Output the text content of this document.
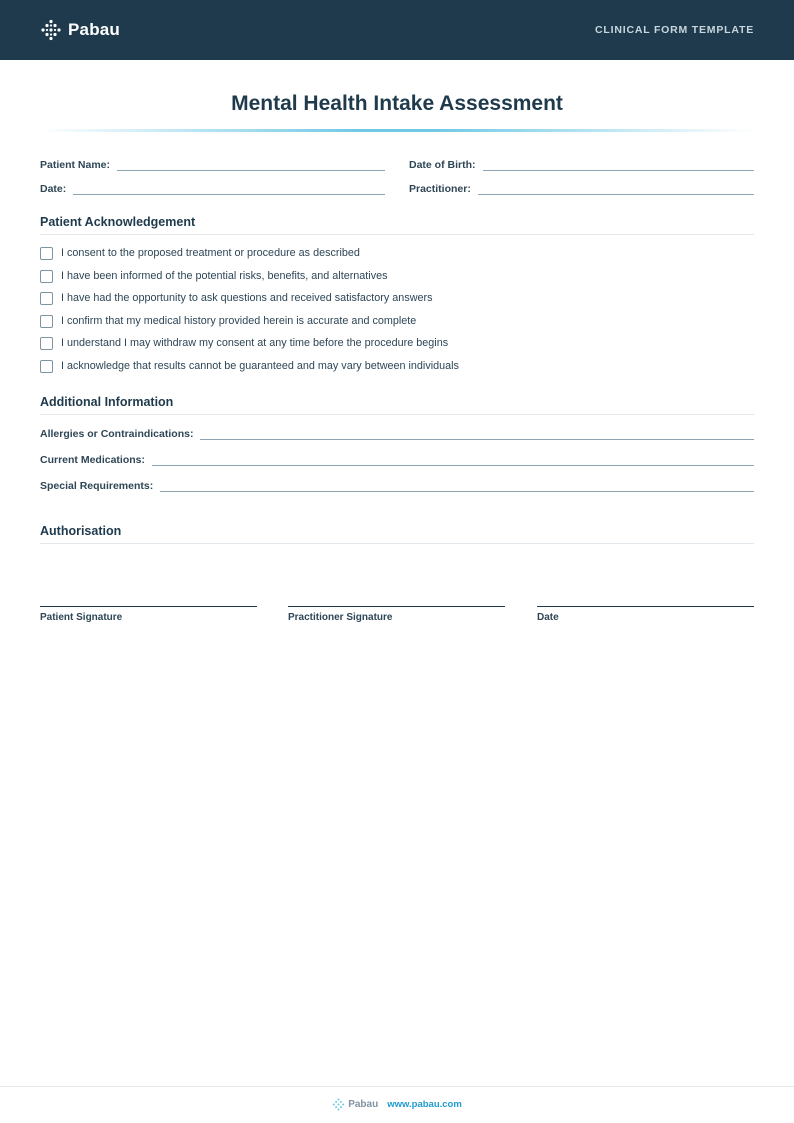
Pabau	CLINICAL FORM TEMPLATE
Mental Health Intake Assessment
Patient Name:	Date of Birth:
Date:	Practitioner:
Patient Acknowledgement
I consent to the proposed treatment or procedure as described
I have been informed of the potential risks, benefits, and alternatives
I have had the opportunity to ask questions and received satisfactory answers
I confirm that my medical history provided herein is accurate and complete
I understand I may withdraw my consent at any time before the procedure begins
I acknowledge that results cannot be guaranteed and may vary between individuals
Additional Information
Allergies or Contraindications:
Current Medications:
Special Requirements:
Authorisation
Patient Signature	Practitioner Signature	Date
Pabau www.pabau.com
